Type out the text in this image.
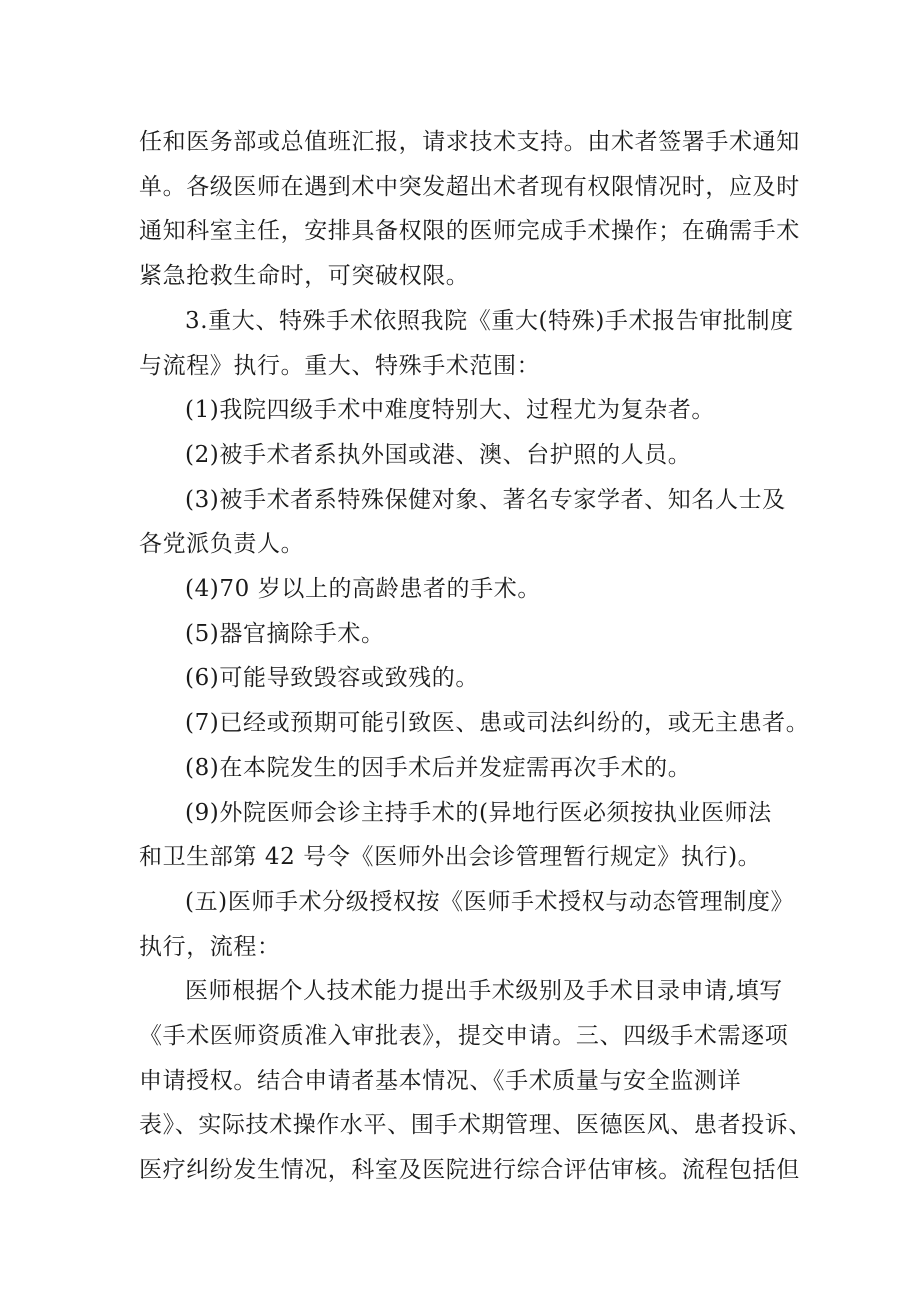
任和医务部或总值班汇报，请求技术支持。由术者签署手术通知
单。各级医师在遇到术中突发超出术者现有权限情况时，应及时
通知科室主任，安排具备权限的医师完成手术操作；在确需手术
紧急抢救生命时，可突破权限。

3.重大、特殊手术依照我院《重大(特殊)手术报告审批制度
与流程》执行。重大、特殊手术范围：

(1)我院四级手术中难度特别大、过程尤为复杂者。

(2)被手术者系执外国或港、澳、台护照的人员。

(3)被手术者系特殊保健对象、著名专家学者、知名人士及
各党派负责人。

(4)70 岁以上的高龄患者的手术。

(5)器官摘除手术。

(6)可能导致毁容或致残的。

(7)已经或预期可能引致医、患或司法纠纷的，或无主患者。

(8)在本院发生的因手术后并发症需再次手术的。

(9)外院医师会诊主持手术的(异地行医必须按执业医师法
和卫生部第 42 号令《医师外出会诊管理暂行规定》执行)。

(五)医师手术分级授权按《医师手术授权与动态管理制度》
执行，流程：

医师根据个人技术能力提出手术级别及手术目录申请,填写
《手术医师资质准入审批表》，提交申请。三、四级手术需逐项
申请授权。结合申请者基本情况、《手术质量与安全监测详
表》、实际技术操作水平、围手术期管理、医德医风、患者投诉、
医疗纠纷发生情况，科室及医院进行综合评估审核。流程包括但
